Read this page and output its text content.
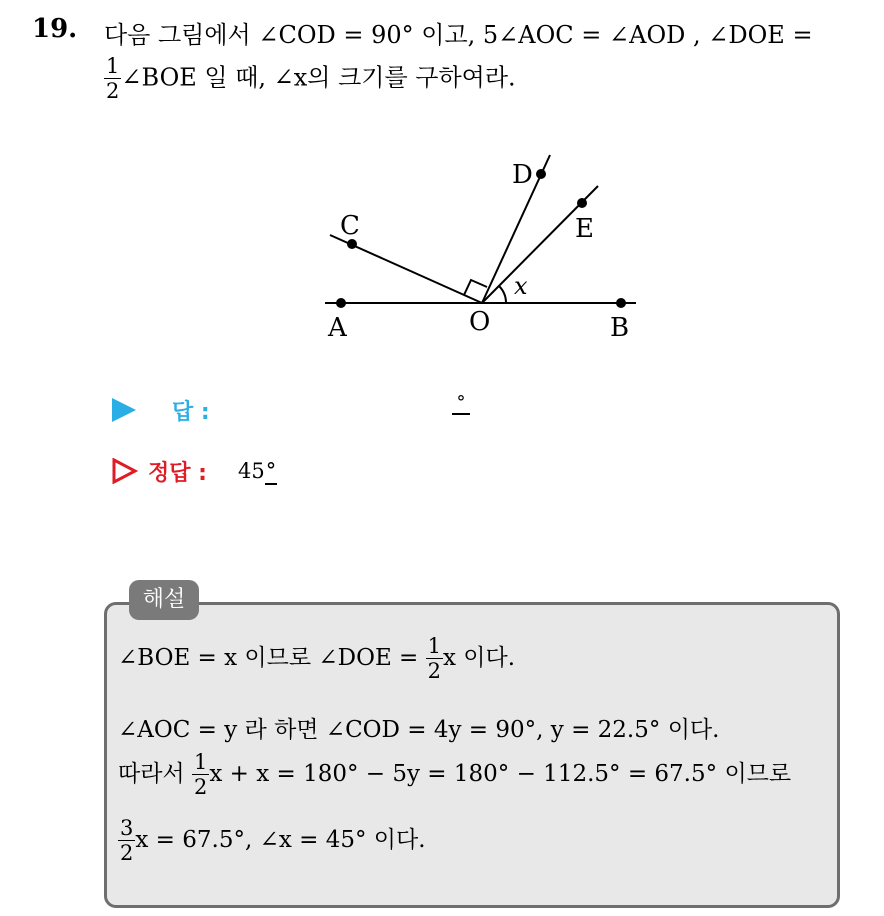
19. 다음 그림에서 ∠COD = 90° 이고, 5∠AOC = ∠AOD , ∠DOE =
$\frac{1}{2}$ ∠BOE 일 때, ∠x의 크기를 구하여라.
A	O	B
C
D
E
x
답 :	°
정답 : 45°
해설
∠BOE = x 이므로 ∠DOE = $\frac{1}{2}$ x 이다.
∠AOC = y 라 하면 ∠COD = 4y = 90°, y = 22.5° 이다.
따라서 $\frac{1}{2}$ x + x = 180° − 5y = 180° − 112.5° = 67.5° 이므로
$\frac{3}{2}$ x = 67.5°, ∠x = 45° 이다.
